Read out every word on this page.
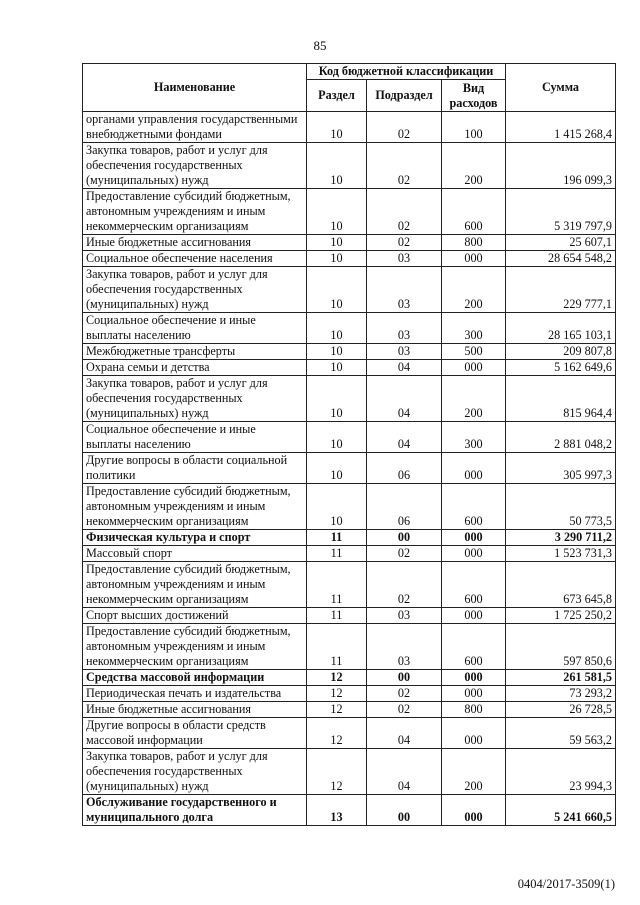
85
Наименование	Код бюджетной классификации			Сумма
	Раздел	Подраздел	Вид расходов	
органами управления государственными внебюджетными фондами	10	02	100	1 415 268,4
Закупка товаров, работ и услуг для обеспечения государственных (муниципальных) нужд	10	02	200	196 099,3
Предоставление субсидий бюджетным, автономным учреждениям и иным некоммерческим организациям	10	02	600	5 319 797,9
Иные бюджетные ассигнования	10	02	800	25 607,1
Социальное обеспечение населения	10	03	000	28 654 548,2
Закупка товаров, работ и услуг для обеспечения государственных (муниципальных) нужд	10	03	200	229 777,1
Социальное обеспечение и иные выплаты населению	10	03	300	28 165 103,1
Межбюджетные трансферты	10	03	500	209 807,8
Охрана семьи и детства	10	04	000	5 162 649,6
Закупка товаров, работ и услуг для обеспечения государственных (муниципальных) нужд	10	04	200	815 964,4
Социальное обеспечение и иные выплаты населению	10	04	300	2 881 048,2
Другие вопросы в области социальной политики	10	06	000	305 997,3
Предоставление субсидий бюджетным, автономным учреждениям и иным некоммерческим организациям	10	06	600	50 773,5
Физическая культура и спорт	11	00	000	3 290 711,2
Массовый спорт	11	02	000	1 523 731,3
Предоставление субсидий бюджетным, автономным учреждениям и иным некоммерческим организациям	11	02	600	673 645,8
Спорт высших достижений	11	03	000	1 725 250,2
Предоставление субсидий бюджетным, автономным учреждениям и иным некоммерческим организациям	11	03	600	597 850,6
Средства массовой информации	12	00	000	261 581,5
Периодическая печать и издательства	12	02	000	73 293,2
Иные бюджетные ассигнования	12	02	800	26 728,5
Другие вопросы в области средств массовой информации	12	04	000	59 563,2
Закупка товаров, работ и услуг для обеспечения государственных (муниципальных) нужд	12	04	200	23 994,3
Обслуживание государственного и муниципального долга	13	00	000	5 241 660,5
0404/2017-3509(1)
